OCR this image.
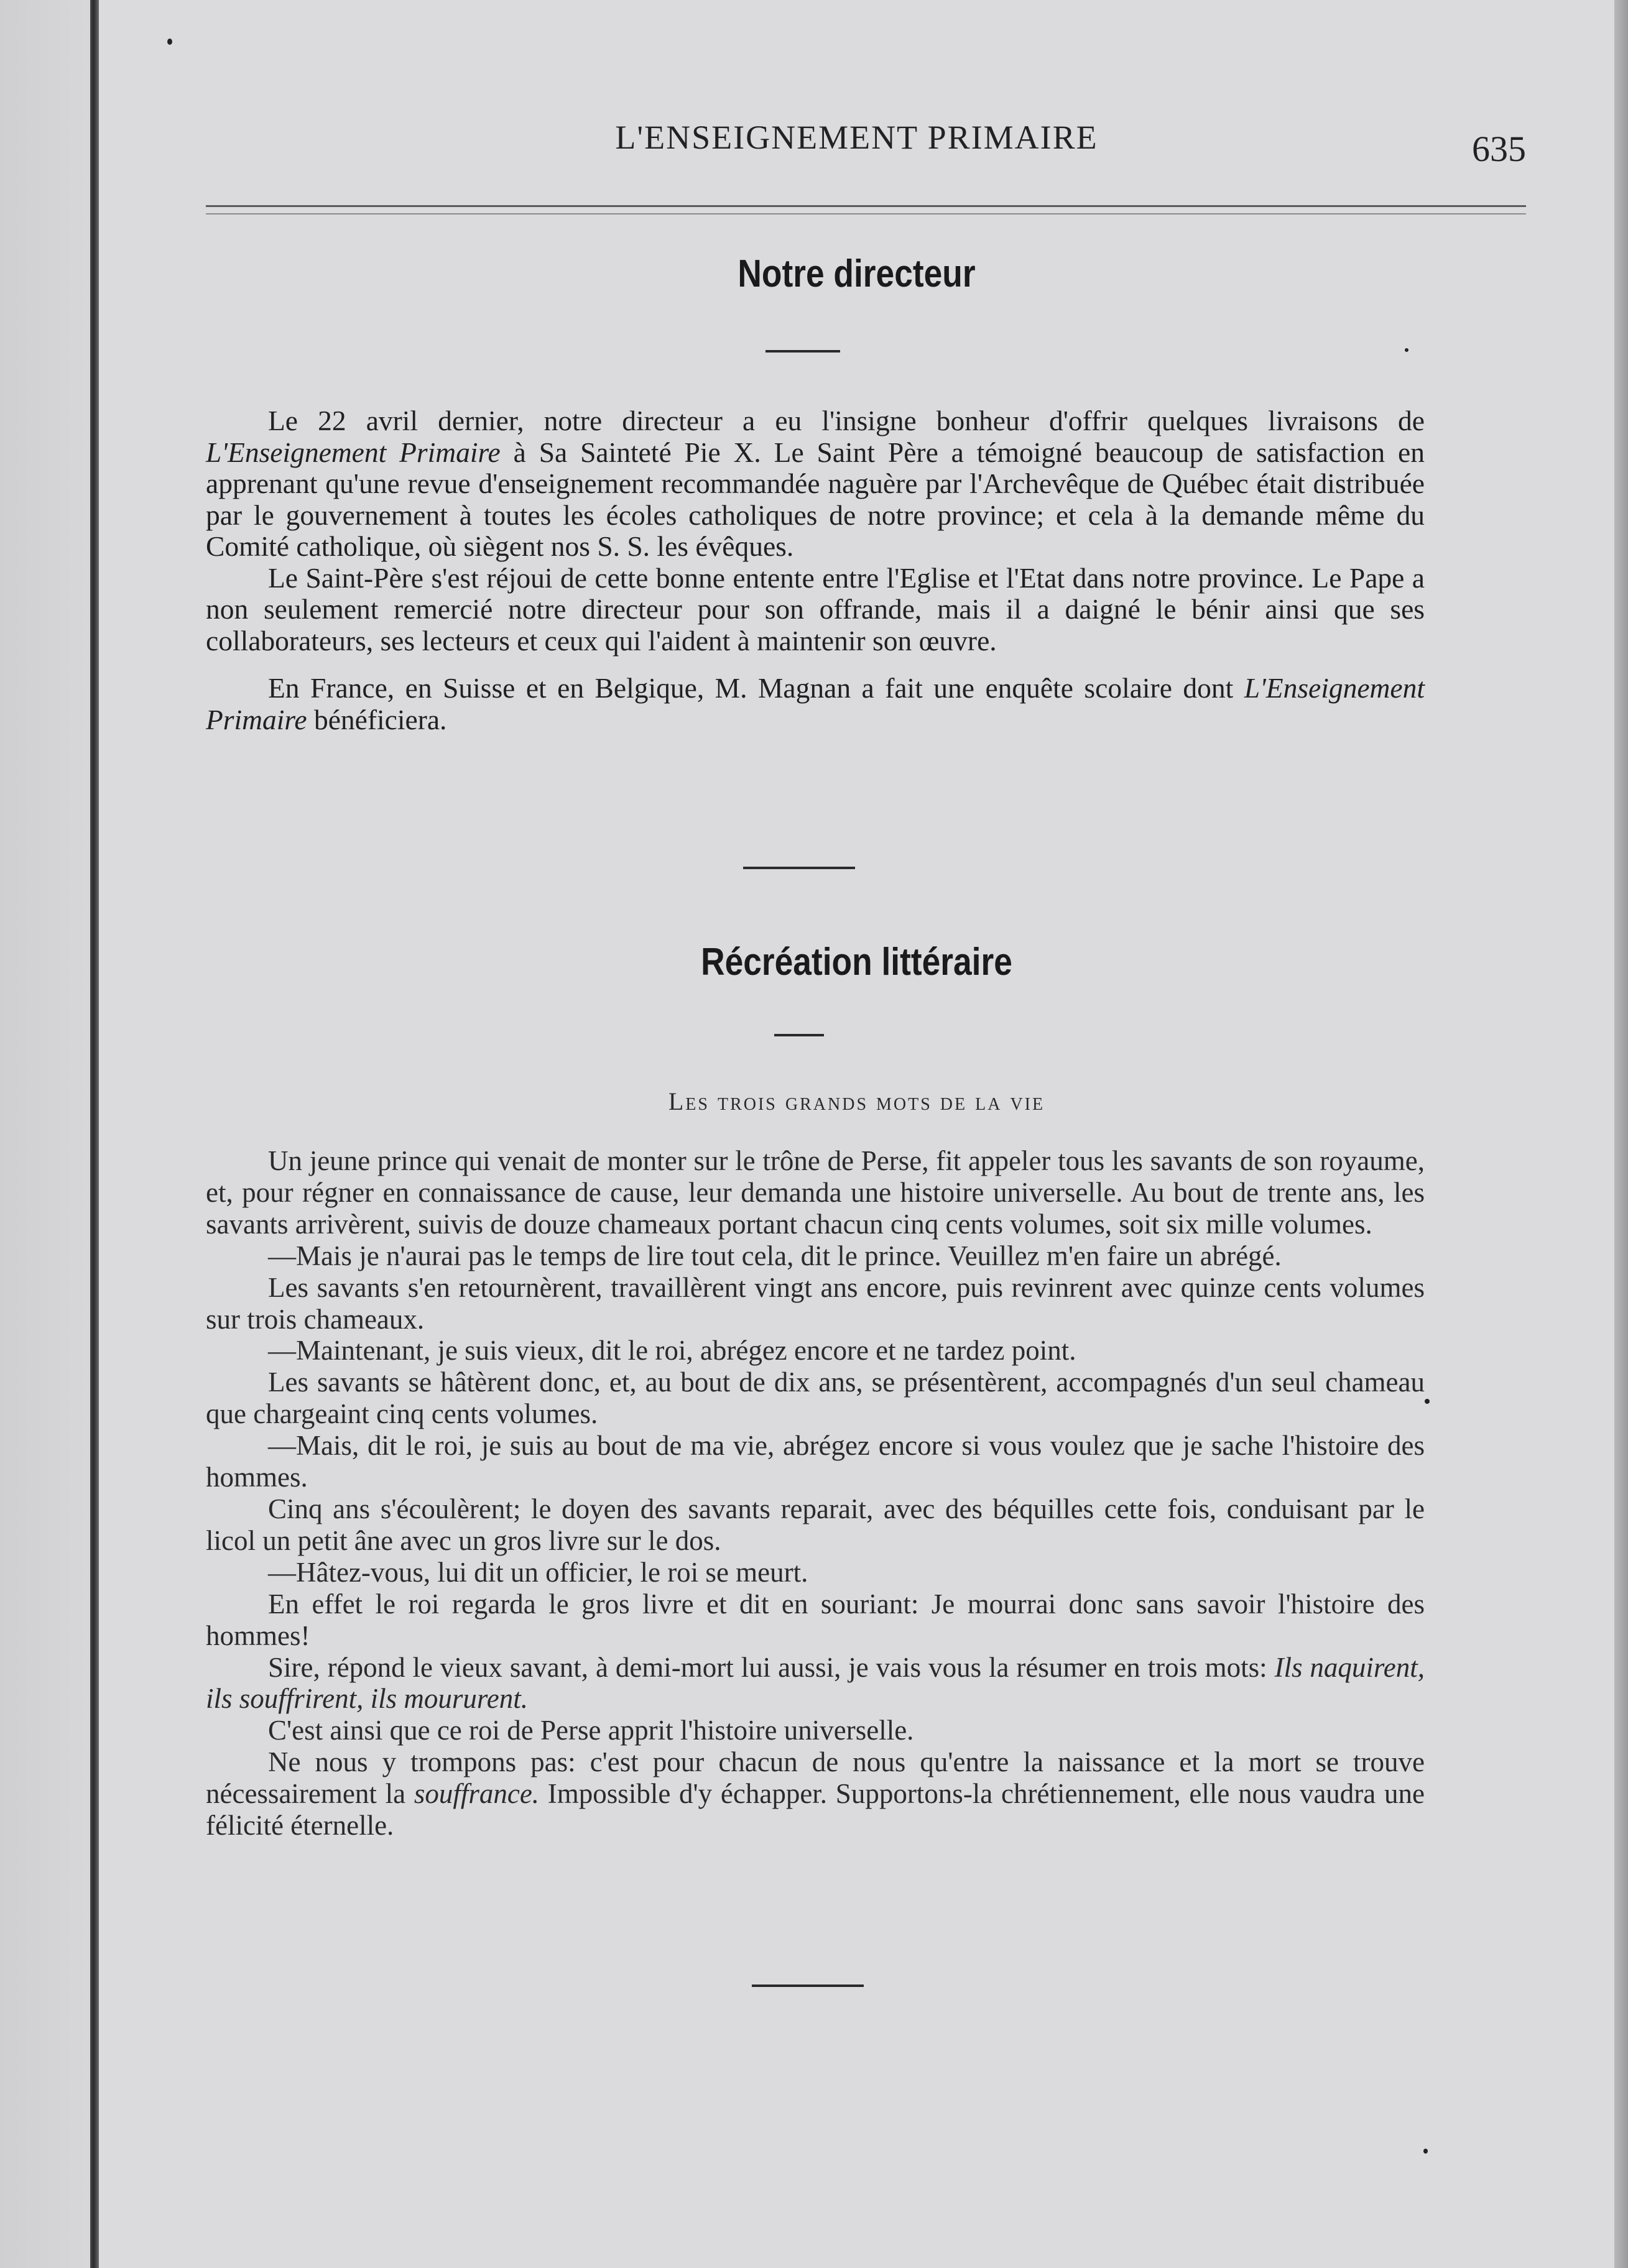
L'ENSEIGNEMENT PRIMAIRE	635
Notre directeur

Le 22 avril dernier, notre directeur a eu l'insigne bonheur d'offrir quelques livraisons de L'Enseignement Primaire à Sa Sainteté Pie X. Le Saint Père a témoigné beaucoup de satisfaction en apprenant qu'une revue d'enseignement recommandée naguère par l'Archevêque de Québec était distribuée par le gouvernement à toutes les écoles catholiques de notre province; et cela à la demande même du Comité catholique, où siègent nos S. S. les évêques.

Le Saint-Père s'est réjoui de cette bonne entente entre l'Eglise et l'Etat dans notre province. Le Pape a non seulement remercié notre directeur pour son offrande, mais il a daigné le bénir ainsi que ses collaborateurs, ses lecteurs et ceux qui l'aident à maintenir son œuvre.

En France, en Suisse et en Belgique, M. Magnan a fait une enquête scolaire dont L'Enseignement Primaire bénéficiera.

Récréation littéraire
Les trois grands mots de la vie

Un jeune prince qui venait de monter sur le trône de Perse, fit appeler tous les savants de son royaume, et, pour régner en connaissance de cause, leur demanda une histoire universelle. Au bout de trente ans, les savants arrivèrent, suivis de douze chameaux portant chacun cinq cents volumes, soit six mille volumes.

—Mais je n'aurai pas le temps de lire tout cela, dit le prince. Veuillez m'en faire un abrégé.

Les savants s'en retournèrent, travaillèrent vingt ans encore, puis revinrent avec quinze cents volumes sur trois chameaux.

—Maintenant, je suis vieux, dit le roi, abrégez encore et ne tardez point.

Les savants se hâtèrent donc, et, au bout de dix ans, se présentèrent, accompagnés d'un seul chameau que chargeaint cinq cents volumes.

—Mais, dit le roi, je suis au bout de ma vie, abrégez encore si vous voulez que je sache l'histoire des hommes.

Cinq ans s'écoulèrent; le doyen des savants reparait, avec des béquilles cette fois, conduisant par le licol un petit âne avec un gros livre sur le dos.

—Hâtez-vous, lui dit un officier, le roi se meurt.

En effet le roi regarda le gros livre et dit en souriant: Je mourrai donc sans savoir l'histoire des hommes!

Sire, répond le vieux savant, à demi-mort lui aussi, je vais vous la résumer en trois mots: Ils naquirent, ils souffrirent, ils moururent.

C'est ainsi que ce roi de Perse apprit l'histoire universelle.

Ne nous y trompons pas: c'est pour chacun de nous qu'entre la naissance et la mort se trouve nécessairement la souffrance. Impossible d'y échapper. Supportons-la chrétiennement, elle nous vaudra une félicité éternelle.
